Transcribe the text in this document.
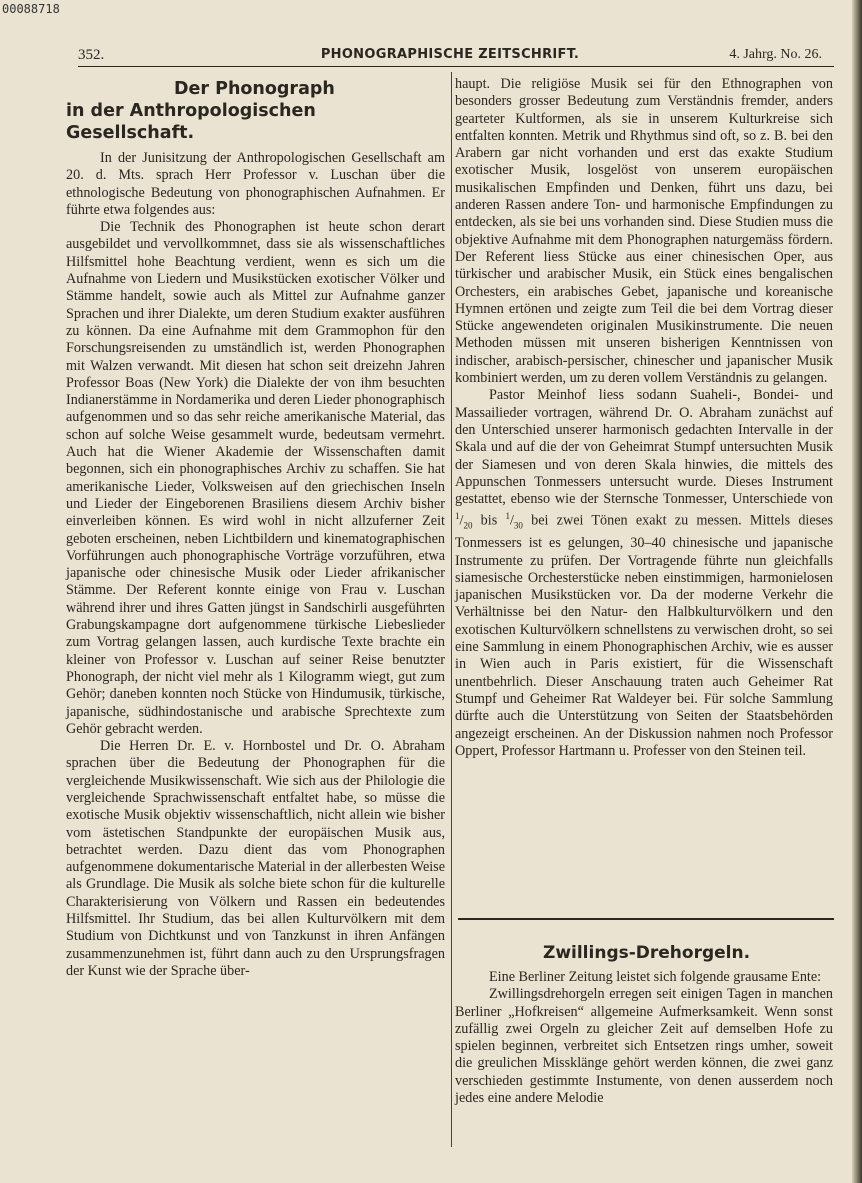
00088718
352.	PHONOGRAPHISCHE ZEITSCHRIFT.	4. Jahrg. No. 26.

Der Phonograph

in der Anthropologischen Gesellschaft.

In der Junisitzung der Anthropologischen Gesellschaft am 20. d. Mts. sprach Herr Professor v. Luschan über die ethnologische Bedeutung von phonographischen Aufnahmen. Er führte etwa folgendes aus:

Die Technik des Phonographen ist heute schon derart ausgebildet und vervollkommnet, dass sie als wissenschaftliches Hilfsmittel hohe Beachtung verdient, wenn es sich um die Aufnahme von Liedern und Musikstücken exotischer Völker und Stämme handelt, sowie auch als Mittel zur Aufnahme ganzer Sprachen und ihrer Dialekte, um deren Studium exakter ausführen zu können. Da eine Aufnahme mit dem Grammophon für den Forschungsreisenden zu umständlich ist, werden Phonographen mit Walzen verwandt. Mit diesen hat schon seit dreizehn Jahren Professor Boas (New York) die Dialekte der von ihm besuchten Indianerstämme in Nordamerika und deren Lieder phonographisch aufgenommen und so das sehr reiche amerikanische Material, das schon auf solche Weise gesammelt wurde, bedeutsam vermehrt. Auch hat die Wiener Akademie der Wissenschaften damit begonnen, sich ein phonographisches Archiv zu schaffen. Sie hat amerikanische Lieder, Volksweisen auf den griechischen Inseln und Lieder der Eingeborenen Brasiliens diesem Archiv bisher einverleiben können. Es wird wohl in nicht allzuferner Zeit geboten erscheinen, neben Lichtbildern und kinematographischen Vorführungen auch phonographische Vorträge vorzuführen, etwa japanische oder chinesische Musik oder Lieder afrikanischer Stämme. Der Referent konnte einige von Frau v. Luschan während ihrer und ihres Gatten jüngst in Sandschirli ausgeführten Grabungskampagne dort aufgenommene türkische Liebeslieder zum Vortrag gelangen lassen, auch kurdische Texte brachte ein kleiner von Professor v. Luschan auf seiner Reise benutzter Phonograph, der nicht viel mehr als 1 Kilogramm wiegt, gut zum Gehör; daneben konnten noch Stücke von Hindumusik, türkische, japanische, südhindostanische und arabische Sprechtexte zum Gehör gebracht werden.

Die Herren Dr. E. v. Hornbostel und Dr. O. Abraham sprachen über die Bedeutung der Phonographen für die vergleichende Musikwissenschaft. Wie sich aus der Philologie die vergleichende Sprachwissenschaft entfaltet habe, so müsse die exotische Musik objektiv wissenschaftlich, nicht allein wie bisher vom ästetischen Standpunkte der europäischen Musik aus, betrachtet werden. Dazu dient das vom Phonographen aufgenommene dokumentarische Material in der allerbesten Weise als Grundlage. Die Musik als solche biete schon für die kulturelle Charakterisierung von Völkern und Rassen ein bedeutendes Hilfsmittel. Ihr Studium, das bei allen Kulturvölkern mit dem Studium von Dichtkunst und von Tanzkunst in ihren Anfängen zusammenzunehmen ist, führt dann auch zu den Ursprungsfragen der Kunst wie der Sprache über-

haupt. Die religiöse Musik sei für den Ethnographen von besonders grosser Bedeutung zum Verständnis fremder, anders gearteter Kultformen, als sie in unserem Kulturkreise sich entfalten konnten. Metrik und Rhythmus sind oft, so z. B. bei den Arabern gar nicht vorhanden und erst das exakte Studium exotischer Musik, losgelöst von unserem europäischen musikalischen Empfinden und Denken, führt uns dazu, bei anderen Rassen andere Ton- und harmonische Empfindungen zu entdecken, als sie bei uns vorhanden sind. Diese Studien muss die objektive Aufnahme mit dem Phonographen naturgemäss fördern. Der Referent liess Stücke aus einer chinesischen Oper, aus türkischer und arabischer Musik, ein Stück eines bengalischen Orchesters, ein arabisches Gebet, japanische und koreanische Hymnen ertönen und zeigte zum Teil die bei dem Vortrag dieser Stücke angewendeten originalen Musikinstrumente. Die neuen Methoden müssen mit unseren bisherigen Kenntnissen von indischer, arabisch-persischer, chinescher und japanischer Musik kombiniert werden, um zu deren vollem Verständnis zu gelangen.

Pastor Meinhof liess sodann Suaheli-, Bondei- und Massailieder vortragen, während Dr. O. Abraham zunächst auf den Unterschied unserer harmonisch gedachten Intervalle in der Skala und auf die der von Geheimrat Stumpf untersuchten Musik der Siamesen und von deren Skala hinwies, die mittels des Appunschen Tonmessers untersucht wurde. Dieses Instrument gestattet, ebenso wie der Sternsche Tonmesser, Unterschiede von $^1/_{20}$ bis $^1/_{30}$ bei zwei Tönen exakt zu messen. Mittels dieses Tonmessers ist es gelungen, 30–40 chinesische und japanische Instrumente zu prüfen. Der Vortragende führte nun gleichfalls siamesische Orchesterstücke neben einstimmigen, harmonielosen japanischen Musikstücken vor. Da der moderne Verkehr die Verhältnisse bei den Natur- den Halbkulturvölkern und den exotischen Kulturvölkern schnellstens zu verwischen droht, so sei eine Sammlung in einem Phonographischen Archiv, wie es ausser in Wien auch in Paris existiert, für die Wissenschaft unentbehrlich. Dieser Anschauung traten auch Geheimer Rat Stumpf und Geheimer Rat Waldeyer bei. Für solche Sammlung dürfte auch die Unterstützung von Seiten der Staatsbehörden angezeigt erscheinen. An der Diskussion nahmen noch Professor Oppert, Professor Hartmann u. Professer von den Steinen teil.

Zwillings-Drehorgeln.

Eine Berliner Zeitung leistet sich folgende grausame Ente:

Zwillingsdrehorgeln erregen seit einigen Tagen in manchen Berliner „Hofkreisen“ allgemeine Aufmerksamkeit. Wenn sonst zufällig zwei Orgeln zu gleicher Zeit auf demselben Hofe zu spielen beginnen, verbreitet sich Entsetzen rings umher, soweit die greulichen Missklänge gehört werden können, die zwei ganz verschieden gestimmte Instumente, von denen ausserdem noch jedes eine andere Melodie
